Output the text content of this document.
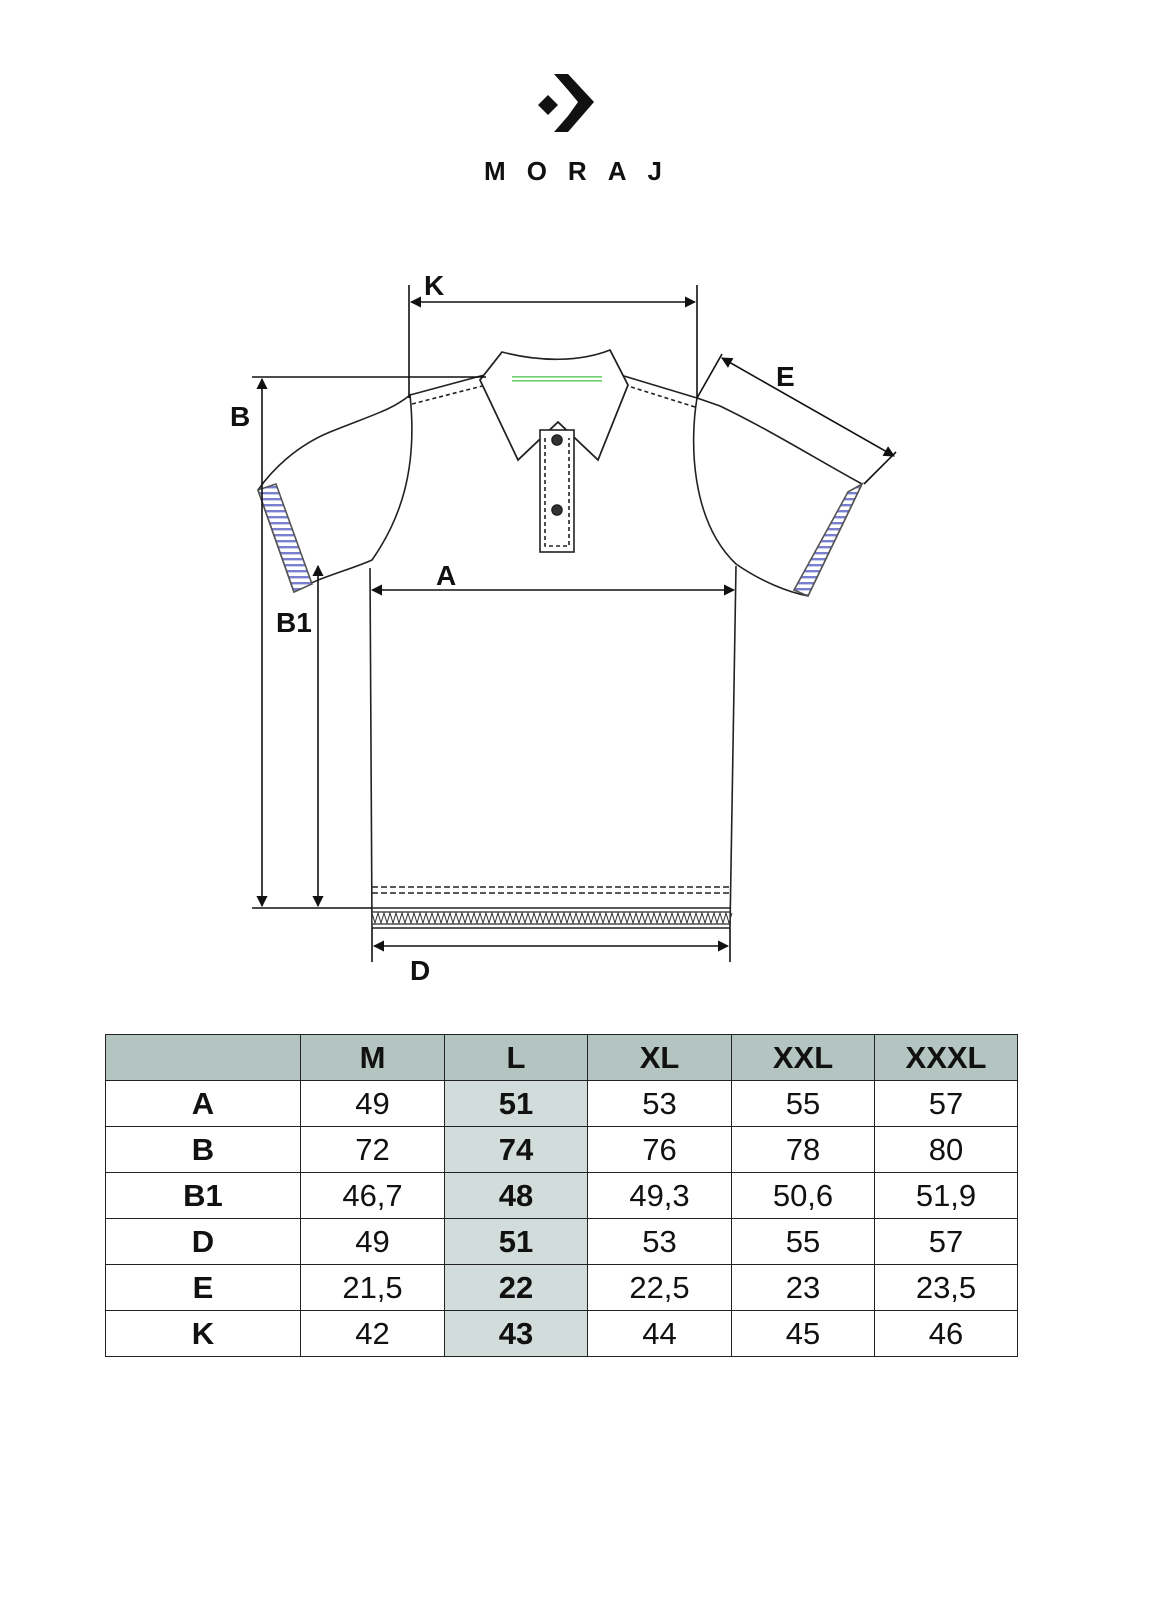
MORAJ
K
E
B
B1
A
D
	M	L	XL	XXL	XXXL
A	49	51	53	55	57
B	72	74	76	78	80
B1	46,7	48	49,3	50,6	51,9
D	49	51	53	55	57
E	21,5	22	22,5	23	23,5
K	42	43	44	45	46
